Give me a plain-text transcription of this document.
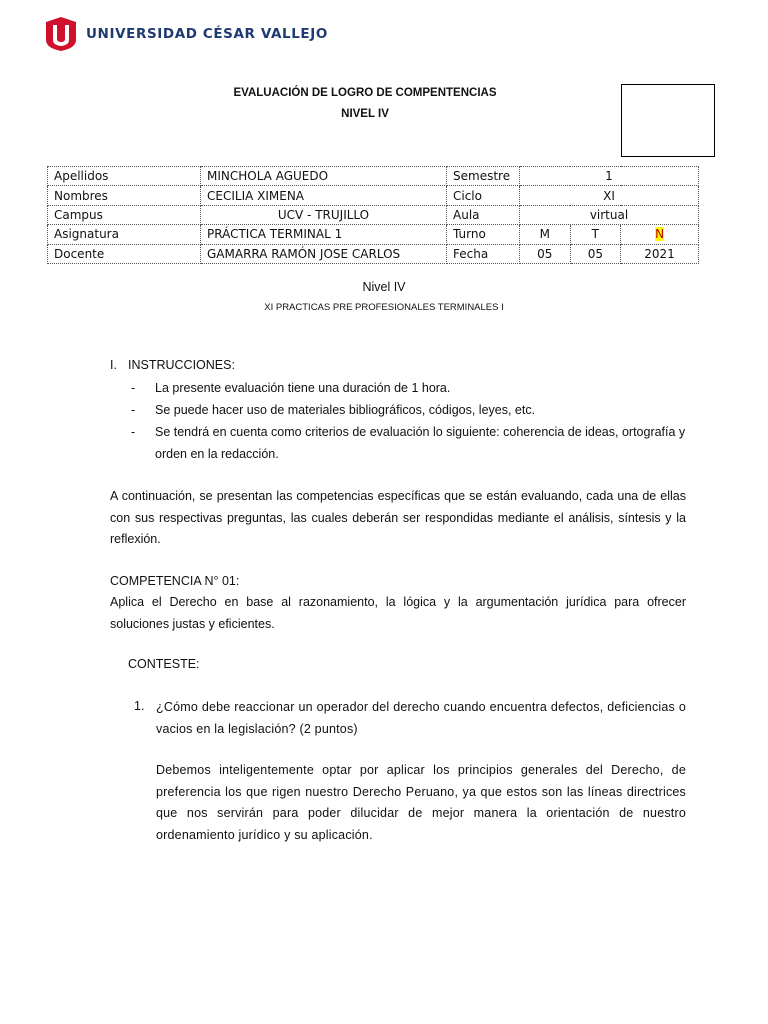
UNIVERSIDAD CÉSAR VALLEJO
EVALUACIÓN DE LOGRO DE COMPENTENCIAS
NIVEL IV
Apellidos	MINCHOLA AGUEDO	Semestre	1		
Nombres	CECILIA XIMENA	Ciclo	XI		
Campus	UCV - TRUJILLO	Aula	virtual		
Asignatura	PRÁCTICA TERMINAL 1	Turno	M	T	N
Docente	GAMARRA RAMÓN JOSE CARLOS	Fecha	05	05	2021
Nivel IV
XI PRACTICAS PRE PROFESIONALES TERMINALES I
I. INSTRUCCIONES:
- La presente evaluación tiene una duración de 1 hora.
- Se puede hacer uso de materiales bibliográficos, códigos, leyes, etc.
- Se tendrá en cuenta como criterios de evaluación lo siguiente: coherencia de ideas, ortografía y orden en la redacción.
A continuación, se presentan las competencias específicas que se están evaluando, cada una de ellas con sus respectivas preguntas, las cuales deberán ser respondidas mediante el análisis, síntesis y la reflexión.
COMPETENCIA N° 01:
Aplica el Derecho en base al razonamiento, la lógica y la argumentación jurídica para ofrecer soluciones justas y eficientes.
CONTESTE:
1. ¿Cómo debe reaccionar un operador del derecho cuando encuentra defectos, deficiencias o vacios en la legislación? (2 puntos)
Debemos inteligentemente optar por aplicar los principios generales del Derecho, de preferencia los que rigen nuestro Derecho Peruano, ya que estos son las líneas directrices que nos servirán para poder dilucidar de mejor manera la orientación de nuestro ordenamiento jurídico y su aplicación.
